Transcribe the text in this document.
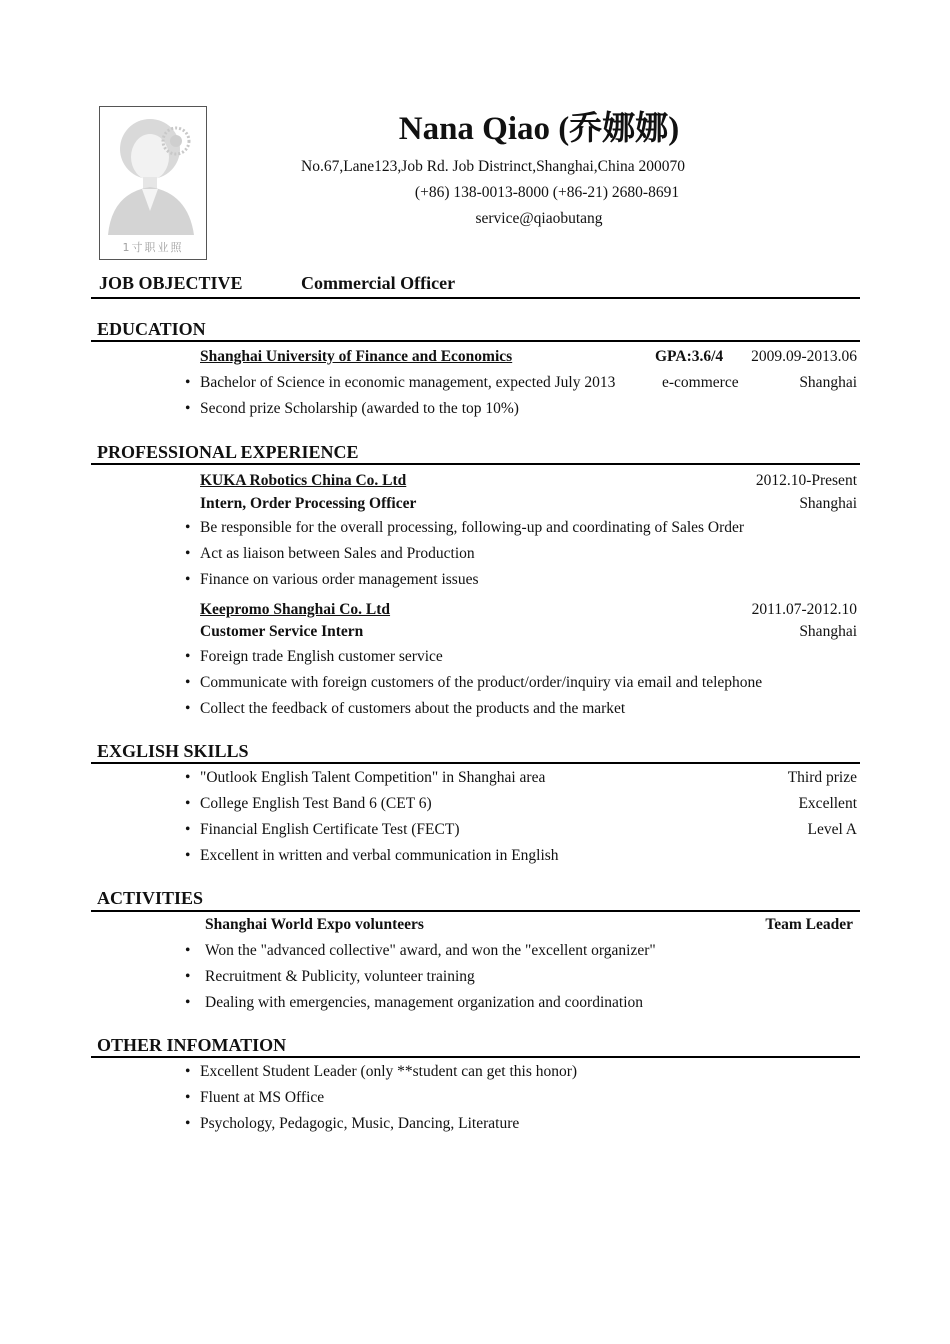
1寸职业照
Nana Qiao (乔娜娜)
No.67,Lane123,Job Rd. Job Distrinct,Shanghai,China 200070
(+86) 138-0013-8000 (+86-21) 2680-8691
service@qiaobutang
JOB OBJECTIVE	Commercial Officer
EDUCATION
Shanghai University of Finance and Economics	GPA:3.6/4 2009.09-2013.06
• Bachelor of Science in economic management, expected July 2013	e-commerce	Shanghai
• Second prize Scholarship (awarded to the top 10%)
PROFESSIONAL EXPERIENCE
KUKA Robotics China Co. Ltd	2012.10-Present
Intern, Order Processing Officer	Shanghai
• Be responsible for the overall processing, following-up and coordinating of Sales Order
• Act as liaison between Sales and Production
• Finance on various order management issues
Keepromo Shanghai Co. Ltd	2011.07-2012.10
Customer Service Intern	Shanghai
• Foreign trade English customer service
• Communicate with foreign customers of the product/order/inquiry via email and telephone
• Collect the feedback of customers about the products and the market
EXGLISH SKILLS
• "Outlook English Talent Competition" in Shanghai area	Third prize
• College English Test Band 6 (CET 6)	Excellent
• Financial English Certificate Test (FECT)	Level A
• Excellent in written and verbal communication in English
ACTIVITIES
Shanghai World Expo volunteers	Team Leader
• Won the "advanced collective" award, and won the "excellent organizer"
• Recruitment & Publicity, volunteer training
• Dealing with emergencies, management organization and coordination
OTHER INFOMATION
• Excellent Student Leader (only **student can get this honor)
• Fluent at MS Office
• Psychology, Pedagogic, Music, Dancing, Literature
